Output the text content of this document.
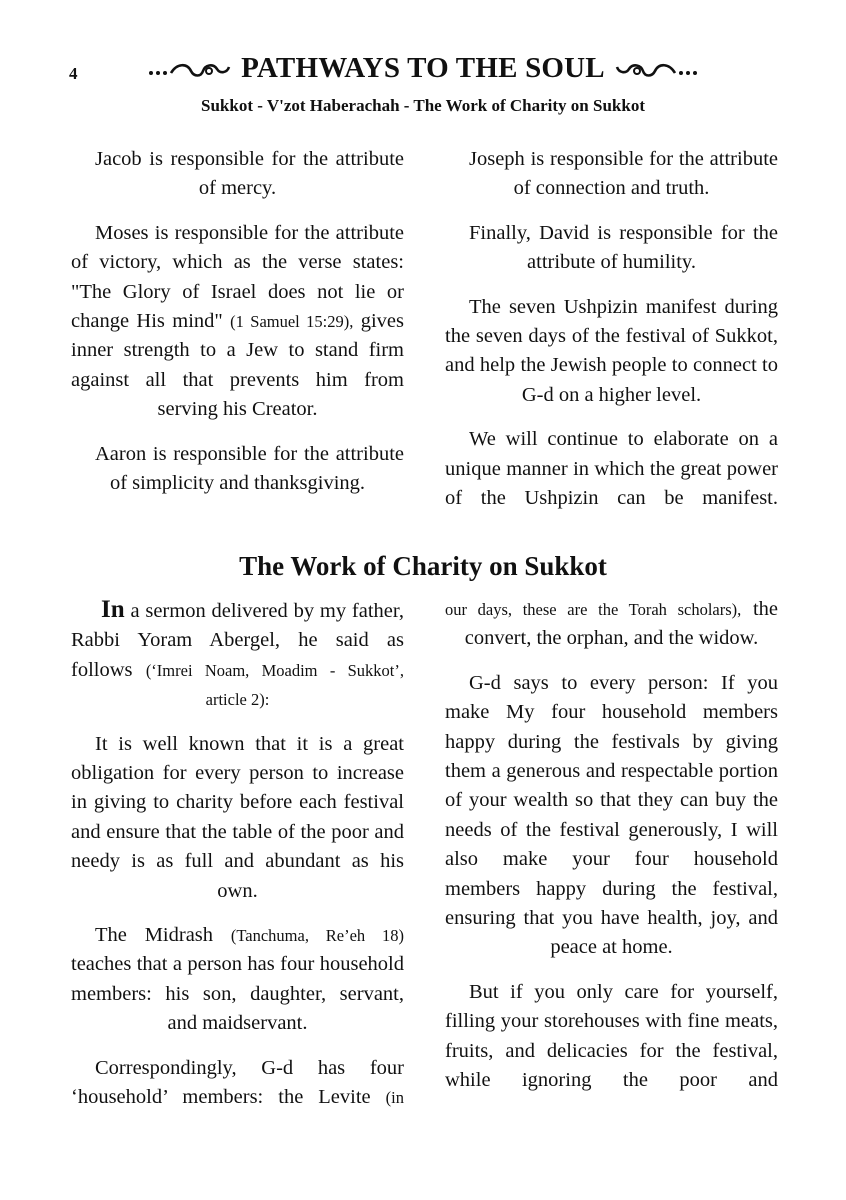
4	PATHWAYS TO THE SOUL
Sukkot - V'zot Haberachah - The Work of Charity on Sukkot

Jacob is responsible for the attribute of mercy.

Moses is responsible for the attribute of victory, which as the verse states: "The Glory of Israel does not lie or change His mind" (1 Samuel 15:29), gives inner strength to a Jew to stand firm against all that prevents him from serving his Creator.

Aaron is responsible for the attribute of simplicity and thanksgiving.

Joseph is responsible for the attribute of connection and truth.

Finally, David is responsible for the attribute of humility.

The seven Ushpizin manifest during the seven days of the festival of Sukkot, and help the Jewish people to connect to G-d on a higher level.

We will continue to elaborate on a unique manner in which the great power of the Ushpizin can be manifest.

The Work of Charity on Sukkot

In a sermon delivered by my father, Rabbi Yoram Abergel, he said as follows (‘Imrei Noam, Moadim - Sukkot’, article 2):

It is well known that it is a great obligation for every person to increase in giving to charity before each festival and ensure that the table of the poor and needy is as full and abundant as his own.

The Midrash (Tanchuma, Re’eh 18) teaches that a person has four household members: his son, daughter, servant, and maidservant.

Correspondingly, G-d has four ‘household’ members: the Levite (in

our days, these are the Torah scholars), the convert, the orphan, and the widow.

G-d says to every person: If you make My four household members happy during the festivals by giving them a generous and respectable portion of your wealth so that they can buy the needs of the festival generously, I will also make your four household members happy during the festival, ensuring that you have health, joy, and peace at home.

But if you only care for yourself, filling your storehouses with fine meats, fruits, and delicacies for the festival, while ignoring the poor and
